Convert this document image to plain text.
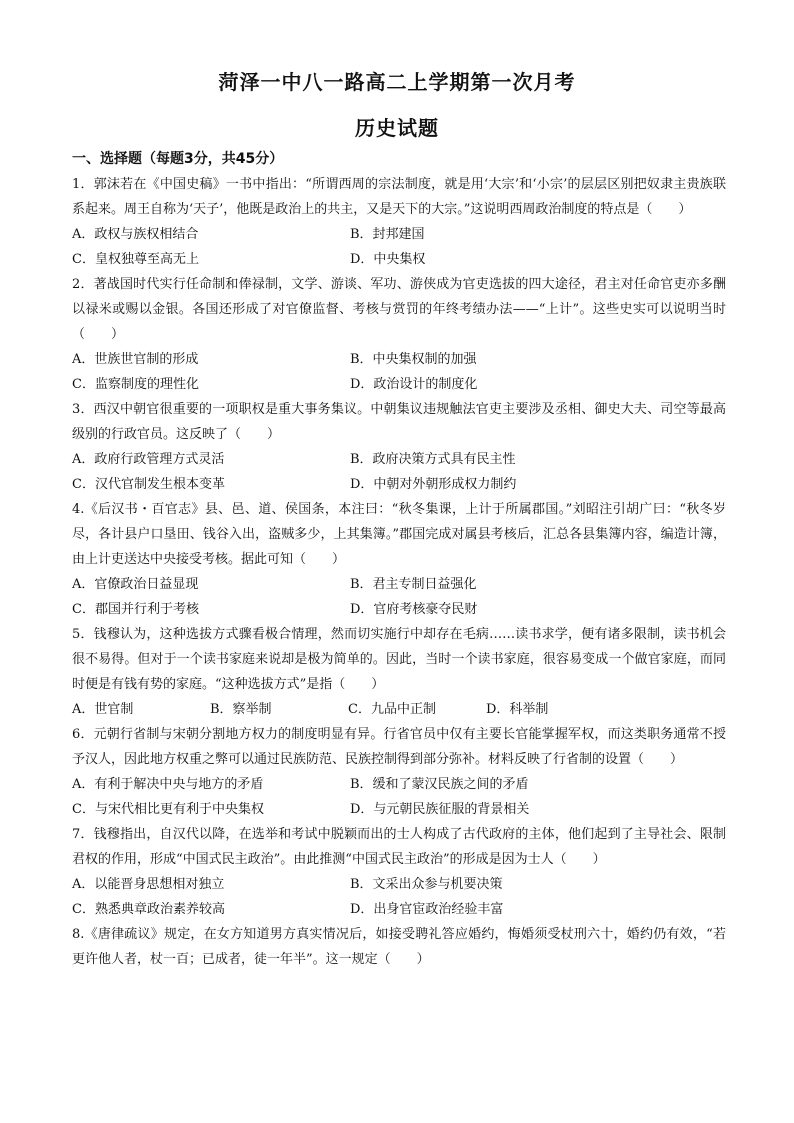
菏泽一中八一路高二上学期第一次月考
历史试题
一、选择题（每题3分，共45分）
1．郭沫若在《中国史稿》一书中指出：“所谓西周的宗法制度，就是用‘大宗’和‘小宗’的层层区别把奴隶主贵族联系起来。周王自称为‘天子’，他既是政治上的共主，又是天下的大宗。”这说明西周政治制度的特点是（　　）
A．政权与族权相结合	B．封邦建国
C．皇权独尊至高无上	D．中央集权
2．著战国时代实行任命制和俸禄制，文学、游谈、军功、游侠成为官吏选拔的四大途径，君主对任命官吏亦多酬以禄米或赐以金银。各国还形成了对官僚监督、考核与赏罚的年终考绩办法——“上计”。这些史实可以说明当时（　　）
A．世族世官制的形成	B．中央集权制的加强
C．监察制度的理性化	D．政治设计的制度化
3．西汉中朝官很重要的一项职权是重大事务集议。中朝集议违规触法官吏主要涉及丞相、御史大夫、司空等最高级别的行政官员。这反映了（　　）
A．政府行政管理方式灵活	B．政府决策方式具有民主性
C．汉代官制发生根本变革	D．中朝对外朝形成权力制约
4.《后汉书・百官志》县、邑、道、侯国条，本注曰：“秋冬集课，上计于所属郡国。”刘昭注引胡广曰：“秋冬岁尽，各计县户口垦田、钱谷入出，盗贼多少，上其集簿。”郡国完成对属县考核后，汇总各县集簿内容，编造计簿，由上计吏送达中央接受考核。据此可知（　　）
A．官僚政治日益显现	B．君主专制日益强化
C．郡国并行利于考核	D．官府考核豪夺民财
5．钱穆认为，这种选拔方式骤看极合情理，然而切实施行中却存在毛病……读书求学，便有诸多限制，读书机会很不易得。但对于一个读书家庭来说却是极为简单的。因此，当时一个读书家庭，很容易变成一个做官家庭，而同时便是有钱有势的家庭。“这种选拔方式”是指（　　）
A．世官制	B．察举制	C．九品中正制	D．科举制
6．元朝行省制与宋朝分割地方权力的制度明显有异。行省官员中仅有主要长官能掌握军权，而这类职务通常不授予汉人，因此地方权重之弊可以通过民族防范、民族控制得到部分弥补。材料反映了行省制的设置（　　）
A．有利于解决中央与地方的矛盾	B．缓和了蒙汉民族之间的矛盾
C．与宋代相比更有利于中央集权	D．与元朝民族征服的背景相关
7．钱穆指出，自汉代以降，在选举和考试中脱颖而出的士人构成了古代政府的主体，他们起到了主导社会、限制君权的作用，形成“中国式民主政治”。由此推测“中国式民主政治”的形成是因为士人（　　）
A．以能晋身思想相对独立	B．文采出众参与机要决策
C．熟悉典章政治素养较高	D．出身官宦政治经验丰富
8.《唐律疏议》规定，在女方知道男方真实情况后，如接受聘礼答应婚约，悔婚须受杖刑六十，婚约仍有效，“若更许他人者，杖一百；已成者，徒一年半”。这一规定（　　）
